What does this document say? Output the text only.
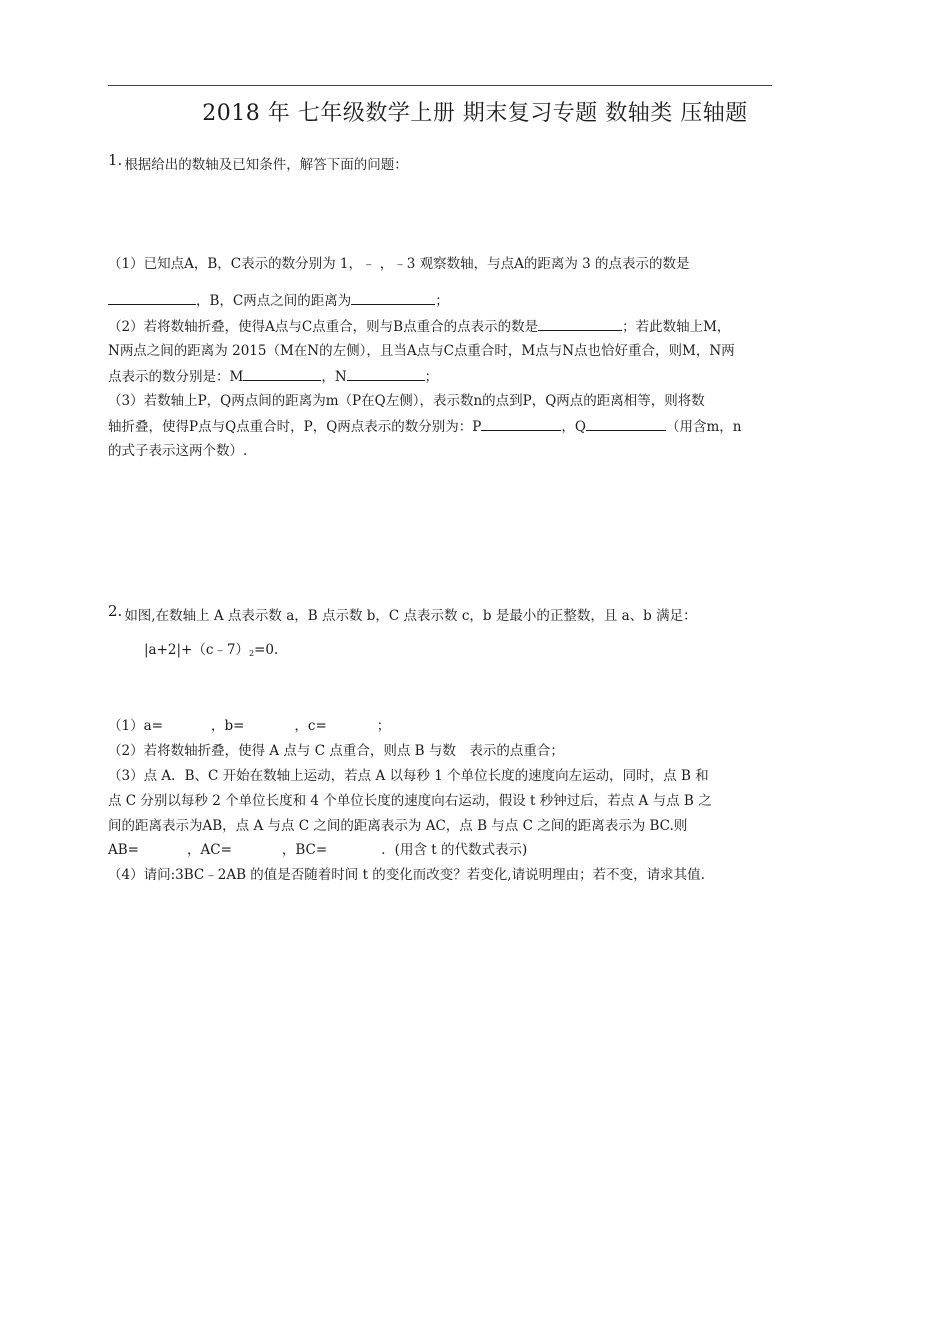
2018 年 七年级数学上册 期末复习专题 数轴类 压轴题
1. 根据给出的数轴及已知条件，解答下面的问题：
（1）已知点A，B，C表示的数分别为 1，﹣ ，﹣3 观察数轴，与点A的距离为 3 的点表示的数是
，B，C两点之间的距离为	；
（2）若将数轴折叠，使得A点与C点重合，则与B点重合的点表示的数是	；若此数轴上M，
N两点之间的距离为 2015（M在N的左侧），且当A点与C点重合时，M点与N点也恰好重合，则M，N两
点表示的数分别是：M	，N	；
（3）若数轴上P，Q两点间的距离为m（P在Q左侧），表示数n的点到P，Q两点的距离相等，则将数
轴折叠，使得P点与Q点重合时，P，Q两点表示的数分别为：P	，Q	（用含m，n
的式子表示这两个数）.
2. 如图,在数轴上 A 点表示数 a，B 点示数 b，C 点表示数 c，b 是最小的正整数，且 a、b 满足：
|a+2|+（c﹣7）2=0.
（1）a=	，b=	，c=	；
（2）若将数轴折叠，使得 A 点与 C 点重合，则点 B 与数　表示的点重合；
（3）点 A．B、C 开始在数轴上运动，若点 A 以每秒 1 个单位长度的速度向左运动，同时，点 B 和
点 C 分别以每秒 2 个单位长度和 4 个单位长度的速度向右运动，假设 t 秒钟过后，若点 A 与点 B 之
间的距离表示为AB，点 A 与点 C 之间的距离表示为 AC，点 B 与点 C 之间的距离表示为 BC.则
AB=	，AC=	，BC=	．(用含 t 的代数式表示)
（4）请问:3BC﹣2AB 的值是否随着时间 t 的变化而改变？若变化,请说明理由；若不变，请求其值.
